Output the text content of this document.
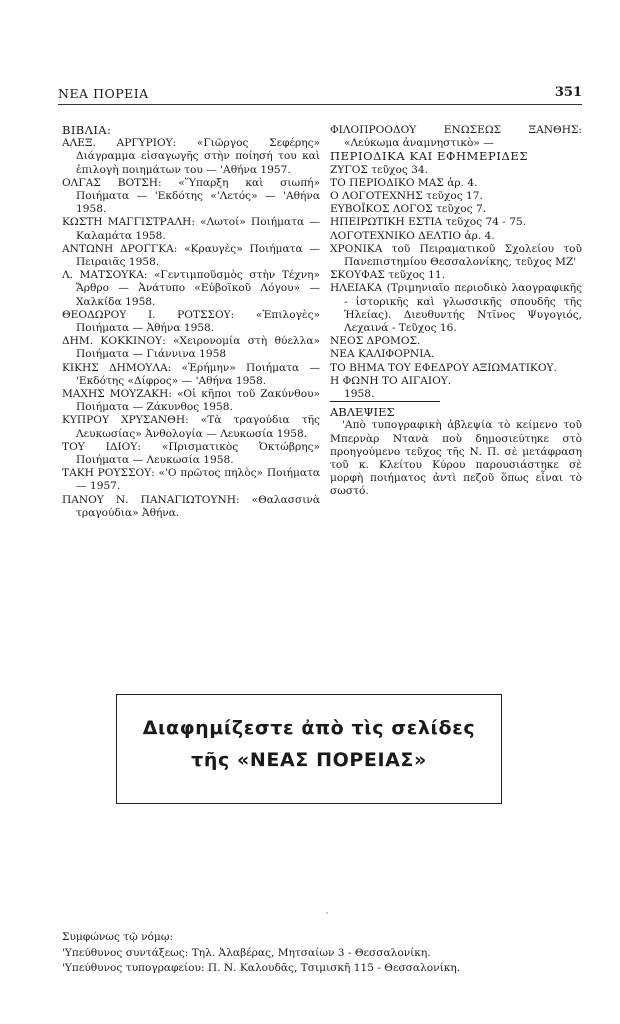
ΝΕΑ ΠΟΡΕΙΑ	351

ΒΙΒΛΙΑ:

ΑΛΕΞ. ΑΡΓΥΡΙΟΥ: «Γιῶργος Σεφέρης» Διάγραμμα εἰσαγωγῆς στὴν ποίησή του καὶ ἐπιλογὴ ποιημάτων του — 'Αθήνα 1957.

ΟΛΓΑΣ ΒΟΤΣΗ: «Ὕπαρξη καὶ σιωπή» Ποιήματα — 'Εκδότης «'Λετός» — 'Αθήνα 1958.

ΚΩΣΤΗ ΜΑΓΓΙΣΤΡΑΛΗ: «Λωτοί» Ποιήματα — Καλαμάτα 1958.

ΑΝΤΩΝΗ ΔΡΟΓΓΚΑ: «Κραυγὲς» Ποιήματα — Πειραιᾶς 1958.

Λ. ΜΑΤΣΟΥΚΑ: «Γεντιμποῦσμὸς στὴν Τέχνη» Ἄρθρο — Ἀνάτυπο «Εὐβοϊκοῦ Λόγου» — Χαλκίδα 1958.

ΘΕΟΔΩΡΟΥ Ι. ΡΟΤΣΣΟΥ: «Ἐπιλογὲς» Ποιήματα — Ἀθήνα 1958.

ΔΗΜ. ΚΟΚΚΙΝΟΥ: «Χειρονομία στὴ θύελλα» Ποιήματα — Γιάννινα 1958

ΚΙΚΗΣ ΔΗΜΟΥΛΑ: «Ἐρήμην» Ποιήματα — 'Εκδότης «Δίφρος» — 'Αθήνα 1958.

ΜΑΧΗΣ ΜΟΥΖΑΚΗ: «Οἱ κῆποι τοῦ Ζακύνθου» Ποιήματα — Ζάκυνθος 1958.

ΚΥΠΡΟΥ ΧΡΥΣΑΝΘΗ: «Τὰ τραγούδια τῆς Λευκωσίας» Ἀνθολογία — Λευκωσία 1958.

ΤΟΥ ΙΔΙΟΥ: «Πρισματικὸς Ὀκτώβρης» Ποιήματα — Λευκωσία 1958.

ΤΑΚΗ ΡΟΥΣΣΟΥ: «'Ο πρῶτος πηλὸς» Ποιήματα — 1957.

ΠΑΝΟΥ Ν. ΠΑΝΑΓΙΩΤΟΥΝΗ: «Θαλασσινὰ τραγούδια» Ἀθήνα.

ΦΙΛΟΠΡΟΟΔΟΥ ΕΝΩΣΕΩΣ ΞΑΝΘΗΣ: «Λεύκωμα ἀναμνηστικὸ» —

ΠΕΡΙΟΔΙΚΑ ΚΑΙ ΕΦΗΜΕΡΙΔΕΣ

ΖΥΓΟΣ τεῦχος 34.

ΤΟ ΠΕΡΙΟΔΙΚΟ ΜΑΣ ἀρ. 4.

Ο ΛΟΓΟΤΕΧΝΗΣ τεῦχος 17.

ΕΥΒΟΪΚΟΣ ΛΟΓΟΣ τεῦχος 7.

ΗΠΕΙΡΩΤΙΚΗ ΕΣΤΙΑ τεῦχος 74 - 75.

ΛΟΓΟΤΕΧΝΙΚΟ ΔΕΛΤΙΟ ἀρ. 4.

ΧΡΟΝΙΚΑ τοῦ Πειραματικοῦ Σχολείου τοῦ Πανεπιστημίου Θεσσαλονίκης, τεῦχος ΜΖ'

ΣΚΟΥΦΑΣ τεῦχος 11.

ΗΛΕΙΑΚΑ (Τριμηνιαῖο περιοδικὸ λαογραφικῆς - ἱστορικῆς καὶ γλωσσικῆς σπουδῆς τῆς Ἠλείας). Διευθυντής Ντῖνος Ψυγογιός, Λεχαινά - Τεῦχος 16.

ΝΕΟΣ ΔΡΟΜΟΣ.

ΝΕΑ ΚΑΛΙΦΟΡΝΙΑ.

ΤΟ ΒΗΜΑ ΤΟΥ ΕΦΕΔΡΟΥ ΑΞΙΩΜΑΤΙΚΟΥ.

Η ΦΩΝΗ ΤΟ ΑΙΓΑΙΟΥ.

1958.

ΑΒΛΕΨΙΕΣ

'Απὸ τυπογραφικὴ ἀβλεψία τὸ κείμενο τοῦ Μπερνὰρ Ντανὰ ποὺ δημοσιεύτηκε στὸ προηγούμενο τεῦχος τῆς Ν. Π. σὲ μετάφραση τοῦ κ. Κλείτου Κύρου παρουσιάστηκε σὲ μορφὴ ποιήματος ἀντὶ πεζοῦ ὅπως εἶναι τὸ σωστό.

Διαφημίζεστε ἀπὸ τὶς σελίδες
τῆς «ΝΕΑΣ ΠΟΡΕΙΑΣ»

Συμφώνως τῷ νόμῳ:

'Υπεύθυνος συντάξεως: Τηλ. Ἀλαβέρας, Μητσαίων 3 - Θεσσαλονίκη.

'Υπεύθυνος τυπογραφείου: Π. Ν. Καλουδᾶς, Τσιμισκῆ 115 - Θεσσαλονίκη.
